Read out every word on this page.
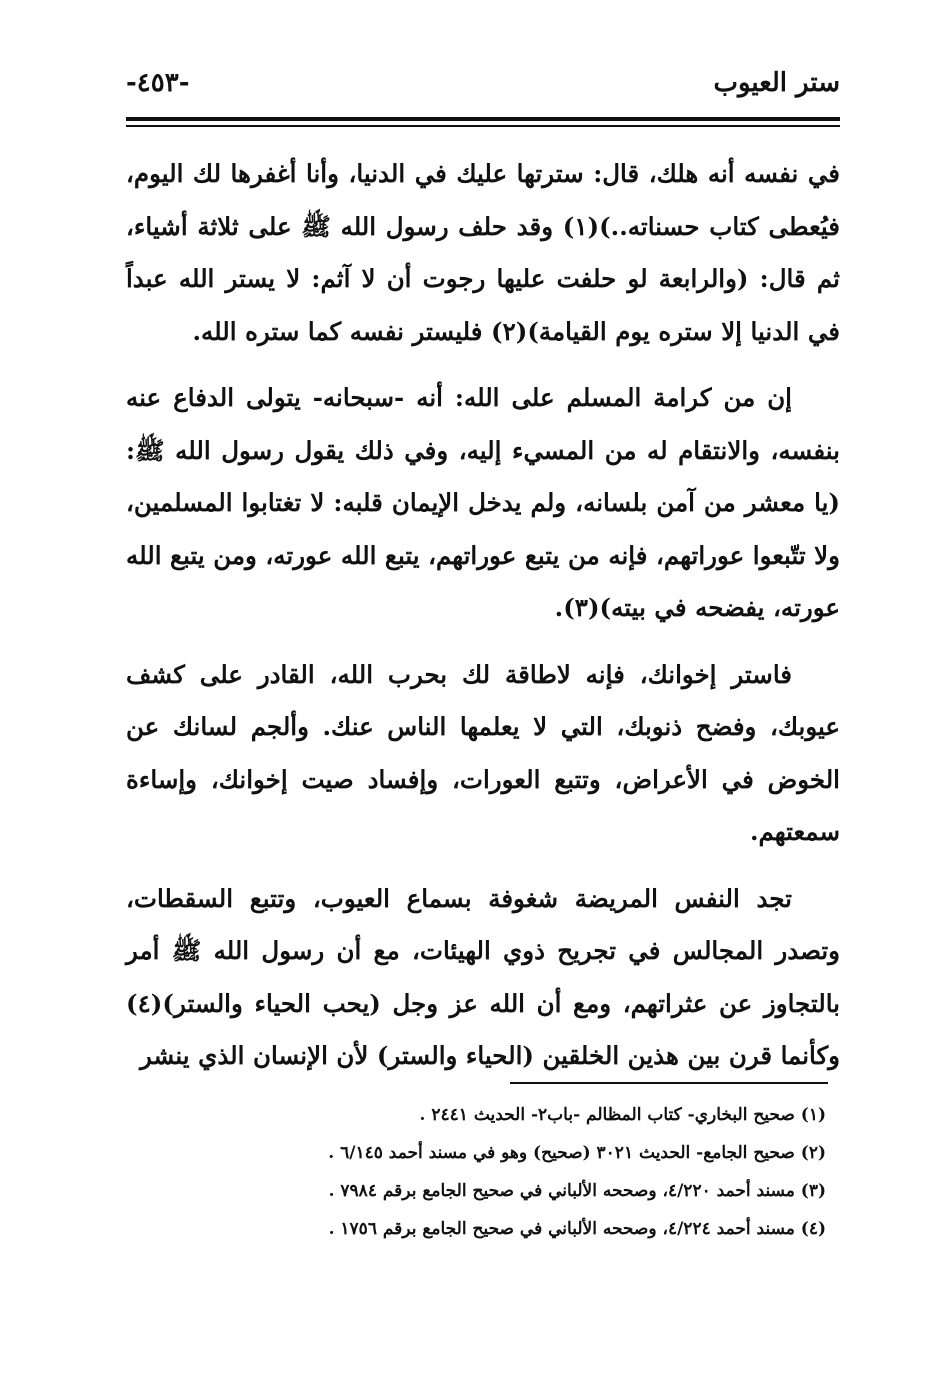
ستر العيوب
-٤٥٣-

في نفسه أنه هلك، قال: سترتها عليك في الدنيا، وأنا أغفرها لك اليوم، فيُعطى كتاب حسناته..)(١) وقد حلف رسول الله ﷺ على ثلاثة أشياء، ثم قال: (والرابعة لو حلفت عليها رجوت أن لا آثم: لا يستر الله عبداً في الدنيا إلا ستره يوم القيامة)(٢) فليستر نفسه كما ستره الله.

إن من كرامة المسلم على الله: أنه -سبحانه- يتولى الدفاع عنه بنفسه، والانتقام له من المسيء إليه، وفي ذلك يقول رسول الله ﷺ: (يا معشر من آمن بلسانه، ولم يدخل الإيمان قلبه: لا تغتابوا المسلمين، ولا تتّبعوا عوراتهم، فإنه من يتبع عوراتهم، يتبع الله عورته، ومن يتبع الله عورته، يفضحه في بيته)(٣).

فاستر إخوانك، فإنه لاطاقة لك بحرب الله، القادر على كشف عيوبك، وفضح ذنوبك، التي لا يعلمها الناس عنك. وألجم لسانك عن الخوض في الأعراض، وتتبع العورات، وإفساد صيت إخوانك، وإساءة سمعتهم.

تجد النفس المريضة شغوفة بسماع العيوب، وتتبع السقطات، وتصدر المجالس في تجريح ذوي الهيئات، مع أن رسول الله ﷺ أمر بالتجاوز عن عثراتهم، ومع أن الله عز وجل (يحب الحياء والستر)(٤) وكأنما قرن بين هذين الخلقين (الحياء والستر) لأن الإنسان الذي ينشر

(١) صحيح البخاري- كتاب المظالم -باب٢- الحديث ٢٤٤١ .
(٢) صحيح الجامع- الحديث ٣٠٢١ (صحيح) وهو في مسند أحمد ٦/١٤٥ .
(٣) مسند أحمد ٤/٢٢٠، وصححه الألباني في صحيح الجامع برقم ٧٩٨٤ .
(٤) مسند أحمد ٤/٢٢٤، وصححه الألباني في صحيح الجامع برقم ١٧٥٦ .
